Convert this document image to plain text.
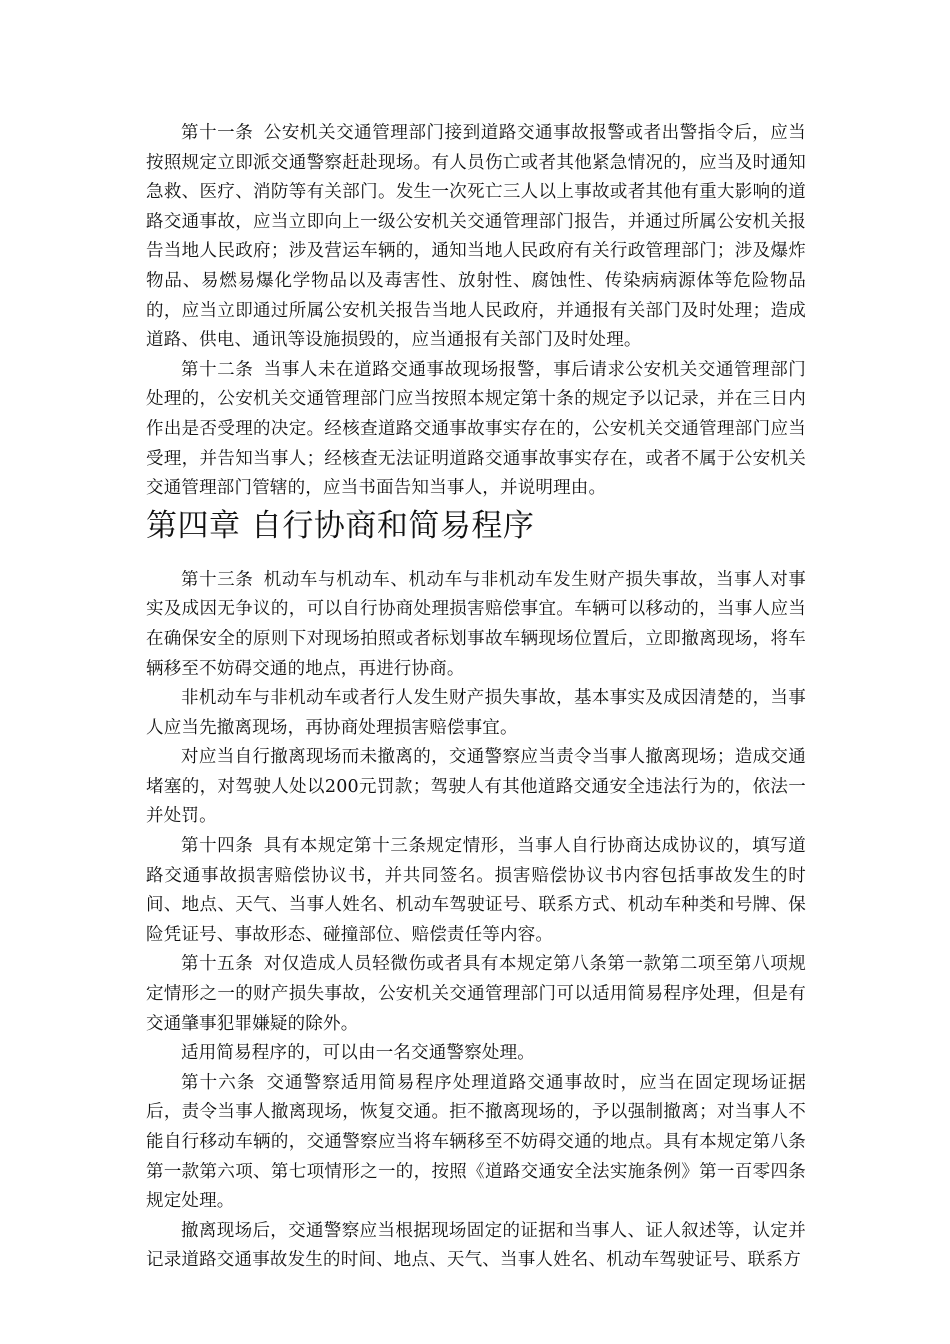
第十一条 公安机关交通管理部门接到道路交通事故报警或者出警指令后，应当按照规定立即派交通警察赶赴现场。有人员伤亡或者其他紧急情况的，应当及时通知急救、医疗、消防等有关部门。发生一次死亡三人以上事故或者其他有重大影响的道路交通事故，应当立即向上一级公安机关交通管理部门报告，并通过所属公安机关报告当地人民政府；涉及营运车辆的，通知当地人民政府有关行政管理部门；涉及爆炸物品、易燃易爆化学物品以及毒害性、放射性、腐蚀性、传染病病源体等危险物品的，应当立即通过所属公安机关报告当地人民政府，并通报有关部门及时处理；造成道路、供电、通讯等设施损毁的，应当通报有关部门及时处理。

第十二条 当事人未在道路交通事故现场报警，事后请求公安机关交通管理部门处理的，公安机关交通管理部门应当按照本规定第十条的规定予以记录，并在三日内作出是否受理的决定。经核查道路交通事故事实存在的，公安机关交通管理部门应当受理，并告知当事人；经核查无法证明道路交通事故事实存在，或者不属于公安机关交通管理部门管辖的，应当书面告知当事人，并说明理由。

第四章 自行协商和简易程序

第十三条 机动车与机动车、机动车与非机动车发生财产损失事故，当事人对事实及成因无争议的，可以自行协商处理损害赔偿事宜。车辆可以移动的，当事人应当在确保安全的原则下对现场拍照或者标划事故车辆现场位置后，立即撤离现场，将车辆移至不妨碍交通的地点，再进行协商。

非机动车与非机动车或者行人发生财产损失事故，基本事实及成因清楚的，当事人应当先撤离现场，再协商处理损害赔偿事宜。

对应当自行撤离现场而未撤离的，交通警察应当责令当事人撤离现场；造成交通堵塞的，对驾驶人处以200元罚款；驾驶人有其他道路交通安全违法行为的，依法一并处罚。

第十四条 具有本规定第十三条规定情形，当事人自行协商达成协议的，填写道路交通事故损害赔偿协议书，并共同签名。损害赔偿协议书内容包括事故发生的时间、地点、天气、当事人姓名、机动车驾驶证号、联系方式、机动车种类和号牌、保险凭证号、事故形态、碰撞部位、赔偿责任等内容。

第十五条 对仅造成人员轻微伤或者具有本规定第八条第一款第二项至第八项规定情形之一的财产损失事故，公安机关交通管理部门可以适用简易程序处理，但是有交通肇事犯罪嫌疑的除外。

适用简易程序的，可以由一名交通警察处理。

第十六条 交通警察适用简易程序处理道路交通事故时，应当在固定现场证据后，责令当事人撤离现场，恢复交通。拒不撤离现场的，予以强制撤离；对当事人不能自行移动车辆的，交通警察应当将车辆移至不妨碍交通的地点。具有本规定第八条第一款第六项、第七项情形之一的，按照《道路交通安全法实施条例》第一百零四条规定处理。

撤离现场后，交通警察应当根据现场固定的证据和当事人、证人叙述等，认定并记录道路交通事故发生的时间、地点、天气、当事人姓名、机动车驾驶证号、联系方
